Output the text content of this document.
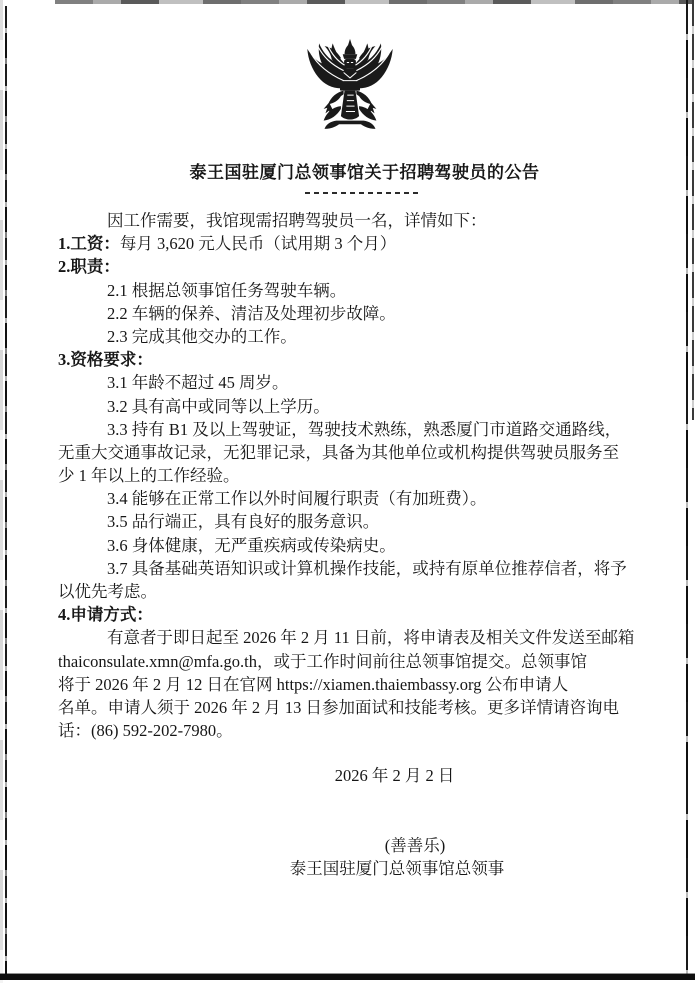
泰王国驻厦门总领事馆关于招聘驾驶员的公告
因工作需要，我馆现需招聘驾驶员一名，详情如下：
1.工资：每月 3,620 元人民币（试用期 3 个月）
2.职责：
2.1 根据总领事馆任务驾驶车辆。
2.2 车辆的保养、清洁及处理初步故障。
2.3 完成其他交办的工作。
3.资格要求：
3.1 年龄不超过 45 周岁。
3.2 具有高中或同等以上学历。
3.3 持有 B1 及以上驾驶证，驾驶技术熟练，熟悉厦门市道路交通路线，
无重大交通事故记录，无犯罪记录，具备为其他单位或机构提供驾驶员服务至
少 1 年以上的工作经验。
3.4 能够在正常工作以外时间履行职责（有加班费）。
3.5 品行端正，具有良好的服务意识。
3.6 身体健康，无严重疾病或传染病史。
3.7 具备基础英语知识或计算机操作技能，或持有原单位推荐信者，将予
以优先考虑。
4.申请方式：
有意者于即日起至 2026 年 2 月 11 日前，将申请表及相关文件发送至邮箱
thaiconsulate.xmn@mfa.go.th，或于工作时间前往总领事馆提交。总领事馆
将于 2026 年 2 月 12 日在官网 https://xiamen.thaiembassy.org 公布申请人
名单。申请人须于 2026 年 2 月 13 日参加面试和技能考核。更多详情请咨询电
话：(86) 592-202-7980。
2026 年 2 月 2 日
(善善乐)
泰王国驻厦门总领事馆总领事
